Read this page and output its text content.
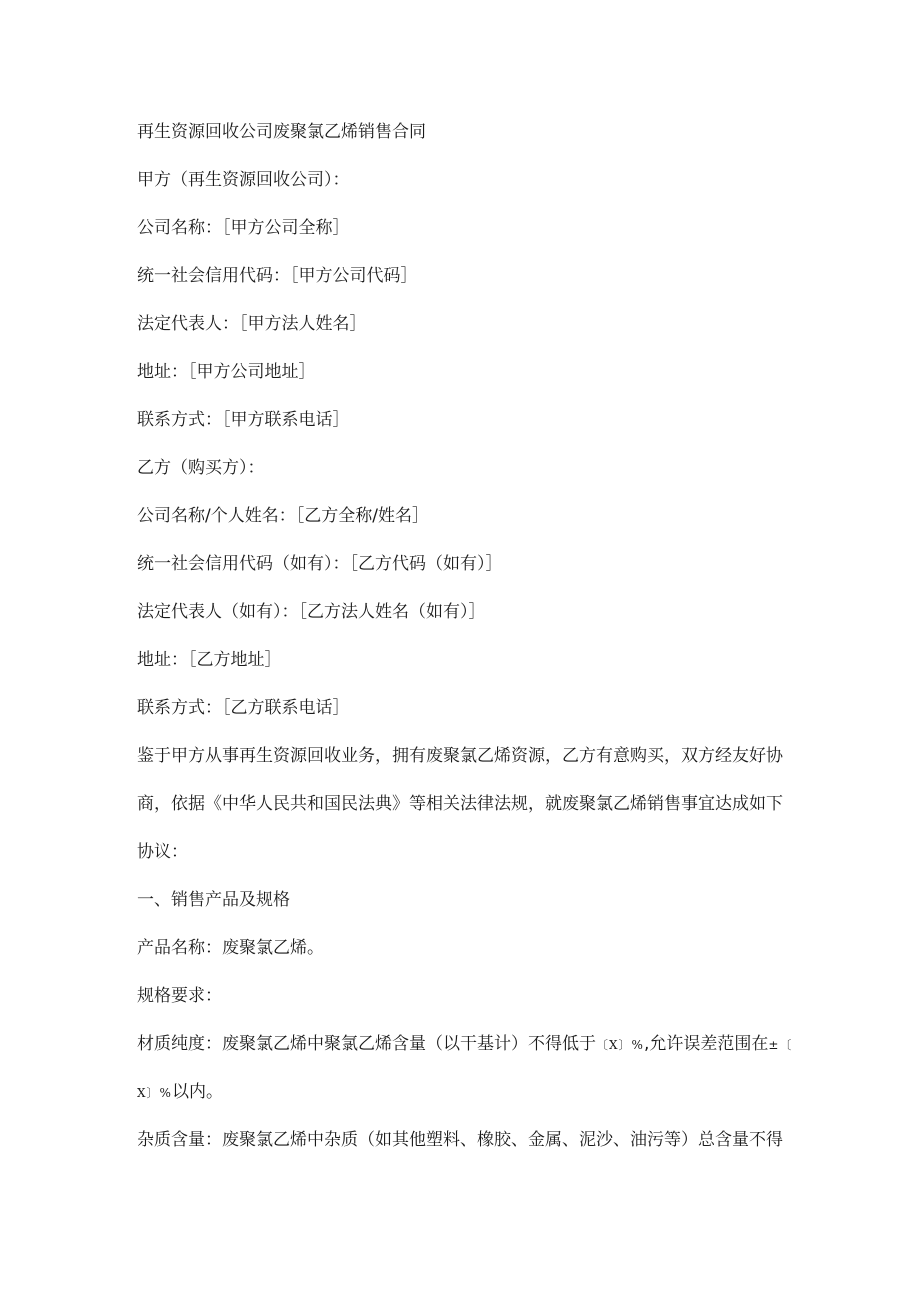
再生资源回收公司废聚氯乙烯销售合同
甲方（再生资源回收公司）：
公司名称：［甲方公司全称］
统一社会信用代码：［甲方公司代码］
法定代表人：［甲方法人姓名］
地址：［甲方公司地址］
联系方式：［甲方联系电话］
乙方（购买方）：
公司名称/个人姓名：［乙方全称/姓名］
统一社会信用代码（如有）：［乙方代码（如有）］
法定代表人（如有）：［乙方法人姓名（如有）］
地址：［乙方地址］
联系方式：［乙方联系电话］
鉴于甲方从事再生资源回收业务，拥有废聚氯乙烯资源，乙方有意购买，双方经友好协
商，依据《中华人民共和国民法典》等相关法律法规，就废聚氯乙烯销售事宜达成如下
协议：
一、销售产品及规格
产品名称：废聚氯乙烯。
规格要求：
材质纯度：废聚氯乙烯中聚氯乙烯含量（以干基计）不得低于〔X〕%,允许误差范围在±〔
X〕%以内。
杂质含量：废聚氯乙烯中杂质（如其他塑料、橡胶、金属、泥沙、油污等）总含量不得
